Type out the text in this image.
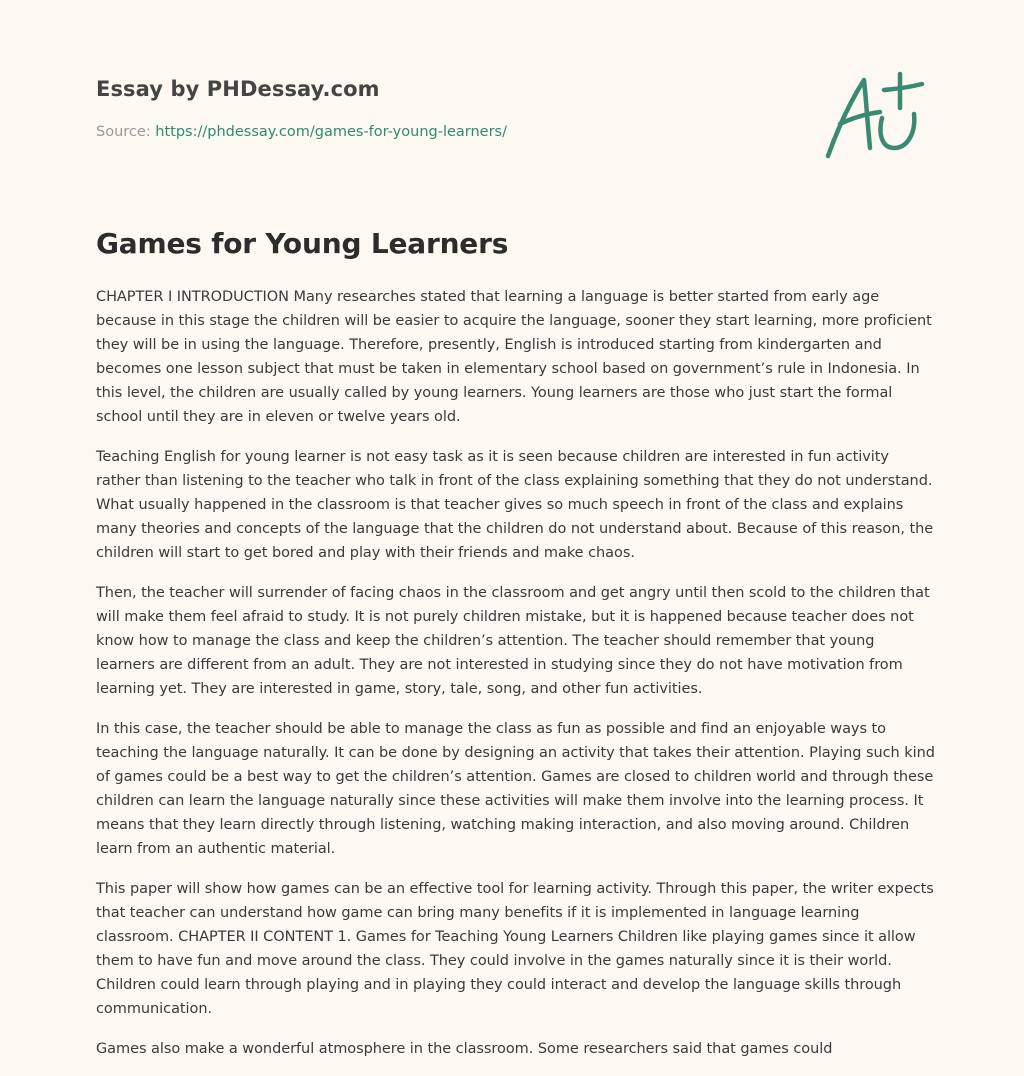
Essay by PHDessay.com
Source: https://phdessay.com/games-for-young-learners/
Games for Young Learners

CHAPTER I INTRODUCTION Many researches stated that learning a language is better started from early age because in this stage the children will be easier to acquire the language, sooner they start learning, more proficient they will be in using the language. Therefore, presently, English is introduced starting from kindergarten and becomes one lesson subject that must be taken in elementary school based on government’s rule in Indonesia. In this level, the children are usually called by young learners. Young learners are those who just start the formal school until they are in eleven or twelve years old.

Teaching English for young learner is not easy task as it is seen because children are interested in fun activity rather than listening to the teacher who talk in front of the class explaining something that they do not understand. What usually happened in the classroom is that teacher gives so much speech in front of the class and explains many theories and concepts of the language that the children do not understand about. Because of this reason, the children will start to get bored and play with their friends and make chaos.

Then, the teacher will surrender of facing chaos in the classroom and get angry until then scold to the children that will make them feel afraid to study. It is not purely children mistake, but it is happened because teacher does not know how to manage the class and keep the children’s attention. The teacher should remember that young learners are different from an adult. They are not interested in studying since they do not have motivation from learning yet. They are interested in game, story, tale, song, and other fun activities.

In this case, the teacher should be able to manage the class as fun as possible and find an enjoyable ways to teaching the language naturally. It can be done by designing an activity that takes their attention. Playing such kind of games could be a best way to get the children’s attention. Games are closed to children world and through these children can learn the language naturally since these activities will make them involve into the learning process. It means that they learn directly through listening, watching making interaction, and also moving around. Children learn from an authentic material.

This paper will show how games can be an effective tool for learning activity. Through this paper, the writer expects that teacher can understand how game can bring many benefits if it is implemented in language learning classroom. CHAPTER II CONTENT 1. Games for Teaching Young Learners Children like playing games since it allow them to have fun and move around the class. They could involve in the games naturally since it is their world. Children could learn through playing and in playing they could interact and develop the language skills through communication.

Games also make a wonderful atmosphere in the classroom. Some researchers said that games could
